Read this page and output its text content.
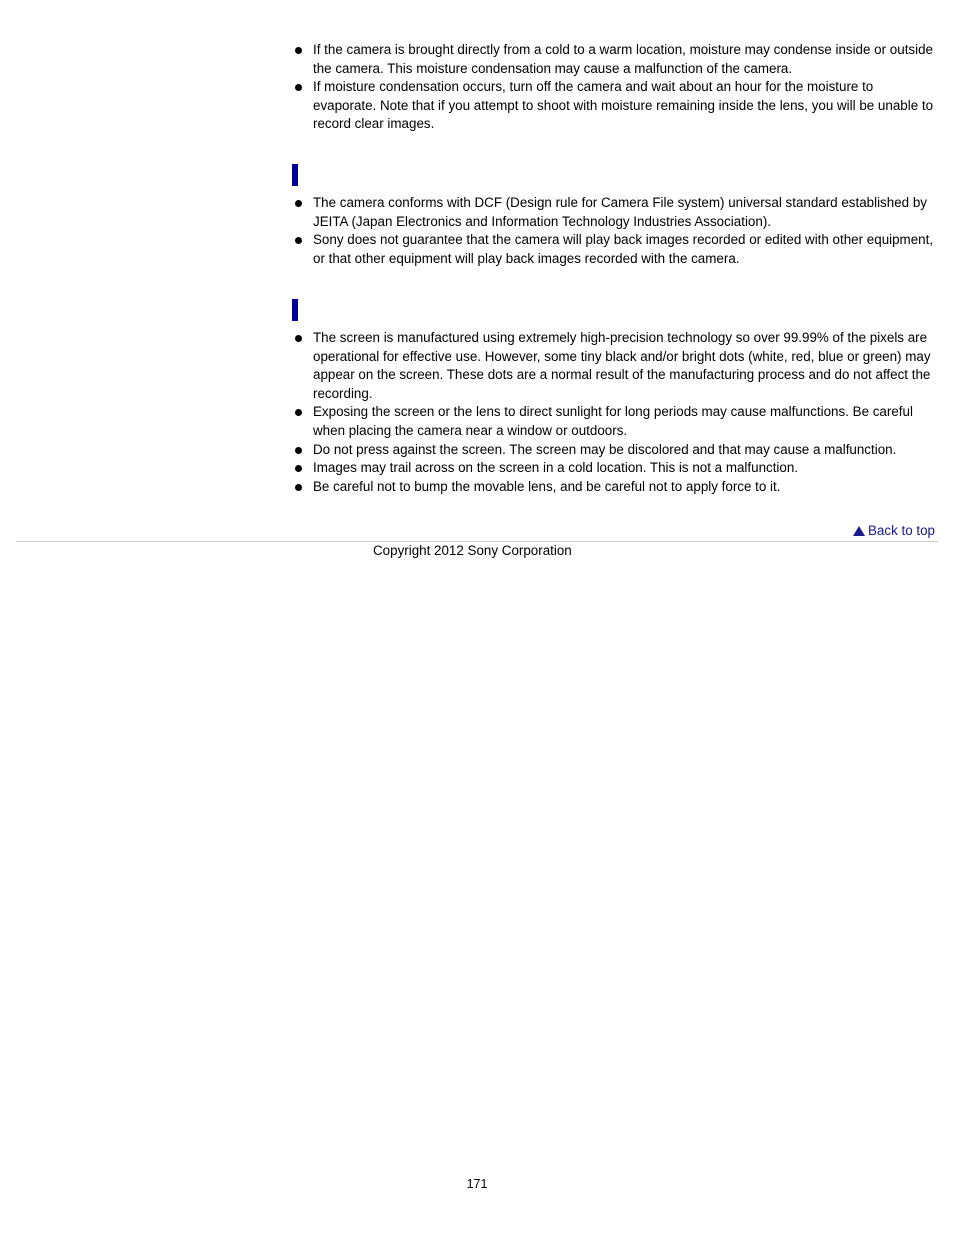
If the camera is brought directly from a cold to a warm location, moisture may condense inside or outside the camera. This moisture condensation may cause a malfunction of the camera.
If moisture condensation occurs, turn off the camera and wait about an hour for the moisture to evaporate. Note that if you attempt to shoot with moisture remaining inside the lens, you will be unable to record clear images.
The camera conforms with DCF (Design rule for Camera File system) universal standard established by JEITA (Japan Electronics and Information Technology Industries Association).
Sony does not guarantee that the camera will play back images recorded or edited with other equipment, or that other equipment will play back images recorded with the camera.
The screen is manufactured using extremely high-precision technology so over 99.99% of the pixels are operational for effective use. However, some tiny black and/or bright dots (white, red, blue or green) may appear on the screen. These dots are a normal result of the manufacturing process and do not affect the recording.
Exposing the screen or the lens to direct sunlight for long periods may cause malfunctions. Be careful when placing the camera near a window or outdoors.
Do not press against the screen. The screen may be discolored and that may cause a malfunction.
Images may trail across on the screen in a cold location. This is not a malfunction.
Be careful not to bump the movable lens, and be careful not to apply force to it.
Back to top
Copyright 2012 Sony Corporation
171
